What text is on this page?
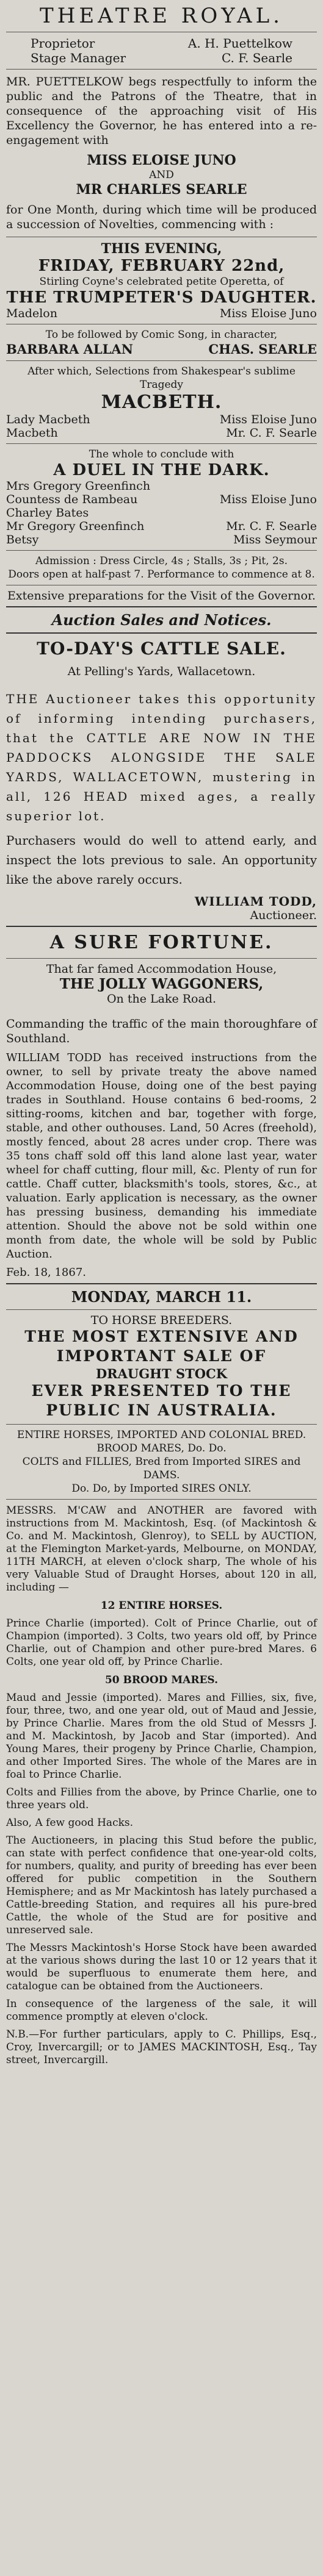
THEATRE ROYAL.
Proprietor	A. H. Puettelkow
Stage Manager	C. F. Searle
MR. PUETTELKOW begs respectfully to inform the public and the Patrons of the Theatre, that in consequence of the approaching visit of His Excellency the Governor, he has entered into a re-engagement with
MISS ELOISE JUNO
AND
MR CHARLES SEARLE
for One Month, during which time will be produced a succession of Novelties, commencing with :
THIS EVENING,
FRIDAY, FEBRUARY 22nd,
Stirling Coyne's celebrated petite Operetta, of
THE TRUMPETER'S DAUGHTER.
Madelon	Miss Eloise Juno
To be followed by Comic Song, in character,
BARBARA ALLAN	CHAS. SEARLE
After which, Selections from Shakespear's sublime Tragedy
MACBETH.
Lady Macbeth	Miss Eloise Juno
Macbeth	Mr. C. F. Searle
The whole to conclude with
A DUEL IN THE DARK.
Mrs Gregory Greenfinch
Countess de Rambeau	Miss Eloise Juno
Charley Bates
Mr Gregory Greenfinch	Mr. C. F. Searle
Betsy	Miss Seymour
Admission : Dress Circle, 4s ; Stalls, 3s ; Pit, 2s.
Doors open at half-past 7. Performance to commence at 8.
Extensive preparations for the Visit of the Governor.
Auction Sales and Notices.
TO-DAY'S CATTLE SALE.
At Pelling's Yards, Wallacetown.
THE Auctioneer takes this opportunity of informing intending purchasers, that the CATTLE ARE NOW IN THE PADDOCKS ALONGSIDE THE SALE YARDS, WALLACETOWN, mustering in all, 126 HEAD mixed ages, a really superior lot.
Purchasers would do well to attend early, and inspect the lots previous to sale. An opportunity like the above rarely occurs.
WILLIAM TODD,
Auctioneer.
A SURE FORTUNE.
That far famed Accommodation House,
THE JOLLY WAGGONERS,
On the Lake Road.
Commanding the traffic of the main thoroughfare of Southland.
WILLIAM TODD has received instructions from the owner, to sell by private treaty the above named Accommodation House, doing one of the best paying trades in Southland. House contains 6 bed-rooms, 2 sitting-rooms, kitchen and bar, together with forge, stable, and other outhouses. Land, 50 Acres (freehold), mostly fenced, about 28 acres under crop. There was 35 tons chaff sold off this land alone last year, water wheel for chaff cutting, flour mill, &c. Plenty of run for cattle. Chaff cutter, blacksmith's tools, stores, &c., at valuation. Early application is necessary, as the owner has pressing business, demanding his immediate attention. Should the above not be sold within one month from date, the whole will be sold by Public Auction.
Feb. 18, 1867.
MONDAY, MARCH 11.
TO HORSE BREEDERS.
THE MOST EXTENSIVE AND IMPORTANT SALE OF
DRAUGHT STOCK
EVER PRESENTED TO THE PUBLIC IN AUSTRALIA.
ENTIRE HORSES, IMPORTED AND COLONIAL BRED.
BROOD MARES, Do. Do.
COLTS and FILLIES, Bred from Imported SIRES and DAMS.
Do. Do, by Imported SIRES ONLY.
MESSRS. M'CAW and ANOTHER are favored with instructions from M. Mackintosh, Esq. (of Mackintosh & Co. and M. Mackintosh, Glenroy), to SELL by AUCTION, at the Flemington Market-yards, Melbourne, on MONDAY, 11TH MARCH, at eleven o'clock sharp, The whole of his very Valuable Stud of Draught Horses, about 120 in all, including —
12 ENTIRE HORSES.
Prince Charlie (imported). Colt of Prince Charlie, out of Champion (imported). 3 Colts, two years old off, by Prince Charlie, out of Champion and other pure-bred Mares. 6 Colts, one year old off, by Prince Charlie.
50 BROOD MARES.
Maud and Jessie (imported). Mares and Fillies, six, five, four, three, two, and one year old, out of Maud and Jessie, by Prince Charlie. Mares from the old Stud of Messrs J. and M. Mackintosh, by Jacob and Star (imported). And Young Mares, their progeny by Prince Charlie, Champion, and other Imported Sires. The whole of the Mares are in foal to Prince Charlie.
Colts and Fillies from the above, by Prince Charlie, one to three years old.
Also, A few good Hacks.
The Auctioneers, in placing this Stud before the public, can state with perfect confidence that one-year-old colts, for numbers, quality, and purity of breeding has ever been offered for public competition in the Southern Hemisphere; and as Mr Mackintosh has lately purchased a Cattle-breeding Station, and requires all his pure-bred Cattle, the whole of the Stud are for positive and unreserved sale.
The Messrs Mackintosh's Horse Stock have been awarded at the various shows during the last 10 or 12 years that it would be superfluous to enumerate them here, and catalogue can be obtained from the Auctioneers.
In consequence of the largeness of the sale, it will commence promptly at eleven o'clock.
N.B.—For further particulars, apply to C. Phillips, Esq., Croy, Invercargill; or to JAMES MACKINTOSH, Esq., Tay street, Invercargill.
